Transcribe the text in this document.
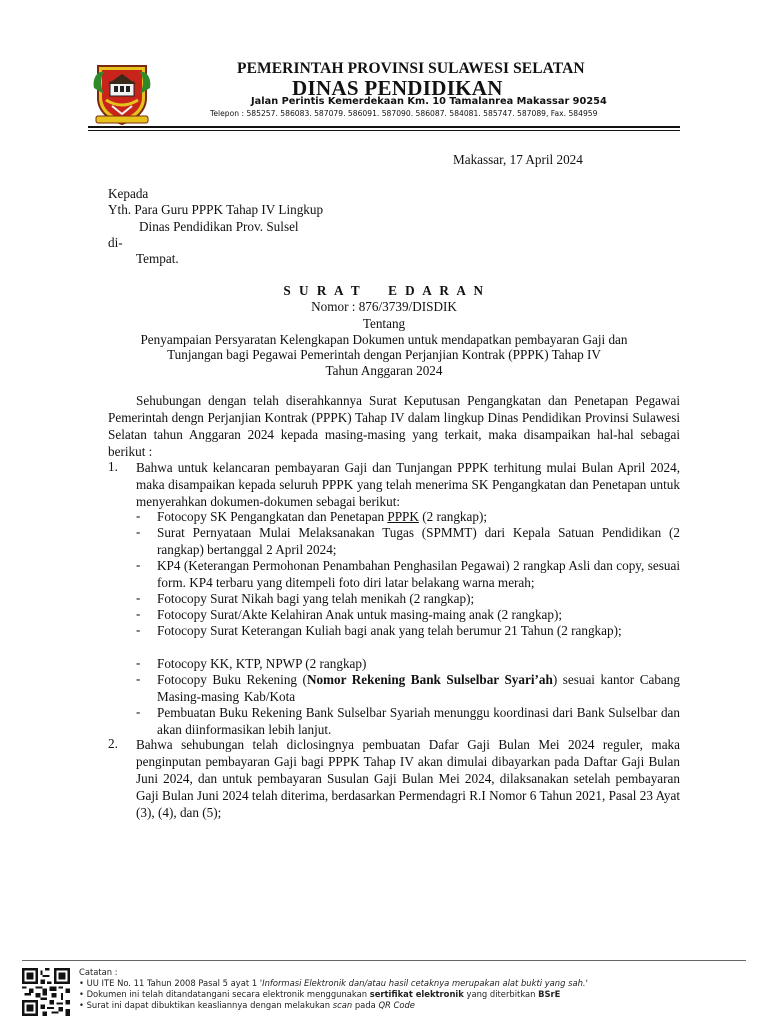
PEMERINTAH PROVINSI SULAWESI SELATAN
DINAS PENDIDIKAN
Jalan Perintis Kemerdekaan Km. 10 Tamalanrea Makassar 90254
Telepon : 585257. 586083. 587079. 586091. 587090. 586087. 584081. 585747. 587089, Fax. 584959
Makassar, 17 April 2024
Kepada
Yth. Para Guru PPPK Tahap IV Lingkup
Dinas Pendidikan Prov. Sulsel
di-
Tempat.
S U R A T    E D A R A N
Nomor : 876/3739/DISDIK
Tentang
Penyampaian Persyaratan Kelengkapan Dokumen untuk mendapatkan pembayaran Gaji dan
Tunjangan bagi Pegawai Pemerintah dengan Perjanjian Kontrak (PPPK) Tahap IV
Tahun Anggaran 2024
Sehubungan dengan telah diserahkannya Surat Keputusan Pengangkatan dan Penetapan Pegawai Pemerintah dengn Perjanjian Kontrak (PPPK) Tahap IV dalam lingkup Dinas Pendidikan Provinsi Sulawesi Selatan tahun Anggaran 2024 kepada masing-masing yang terkait, maka disampaikan hal-hal sebagai berikut :
1. Bahwa untuk kelancaran pembayaran Gaji dan Tunjangan PPPK terhitung mulai Bulan April 2024, maka disampaikan kepada seluruh PPPK yang telah menerima SK Pengangkatan dan Penetapan untuk menyerahkan dokumen-dokumen sebagai berikut:
- Fotocopy SK Pengangkatan dan Penetapan PPPK (2 rangkap);
- Surat Pernyataan Mulai Melaksanakan Tugas (SPMMT) dari Kepala Satuan Pendidikan (2 rangkap) bertanggal 2 April 2024;
- KP4 (Keterangan Permohonan Penambahan Penghasilan Pegawai) 2 rangkap Asli dan copy, sesuai form. KP4 terbaru yang ditempeli foto diri latar belakang warna merah;
- Fotocopy Surat Nikah bagi yang telah menikah (2 rangkap);
- Fotocopy Surat/Akte Kelahiran Anak untuk masing-maing anak (2 rangkap);
- Fotocopy Surat Keterangan Kuliah bagi anak yang telah berumur 21 Tahun (2 rangkap);
- Fotocopy KK, KTP, NPWP (2 rangkap)
- Fotocopy Buku Rekening (Nomor Rekening Bank Sulselbar Syari’ah) sesuai kantor Cabang Masing-masing Kab/Kota
- Pembuatan Buku Rekening Bank Sulselbar Syariah menunggu koordinasi dari Bank Sulselbar dan akan diinformasikan lebih lanjut.
2. Bahwa sehubungan telah diclosingnya pembuatan Dafar Gaji Bulan Mei 2024 reguler, maka penginputan pembayaran Gaji bagi PPPK Tahap IV akan dimulai dibayarkan pada Daftar Gaji Bulan Juni 2024, dan untuk pembayaran Susulan Gaji Bulan Mei 2024, dilaksanakan setelah pembayaran Gaji Bulan Juni 2024 telah diterima, berdasarkan Permendagri R.I Nomor 6 Tahun 2021, Pasal 23 Ayat (3), (4), dan (5);
Catatan :
• UU ITE No. 11 Tahun 2008 Pasal 5 ayat 1 'Informasi Elektronik dan/atau hasil cetaknya merupakan alat bukti yang sah.'
• Dokumen ini telah ditandatangani secara elektronik menggunakan sertifikat elektronik yang diterbitkan BSrE
• Surat ini dapat dibuktikan keasliannya dengan melakukan scan pada QR Code
